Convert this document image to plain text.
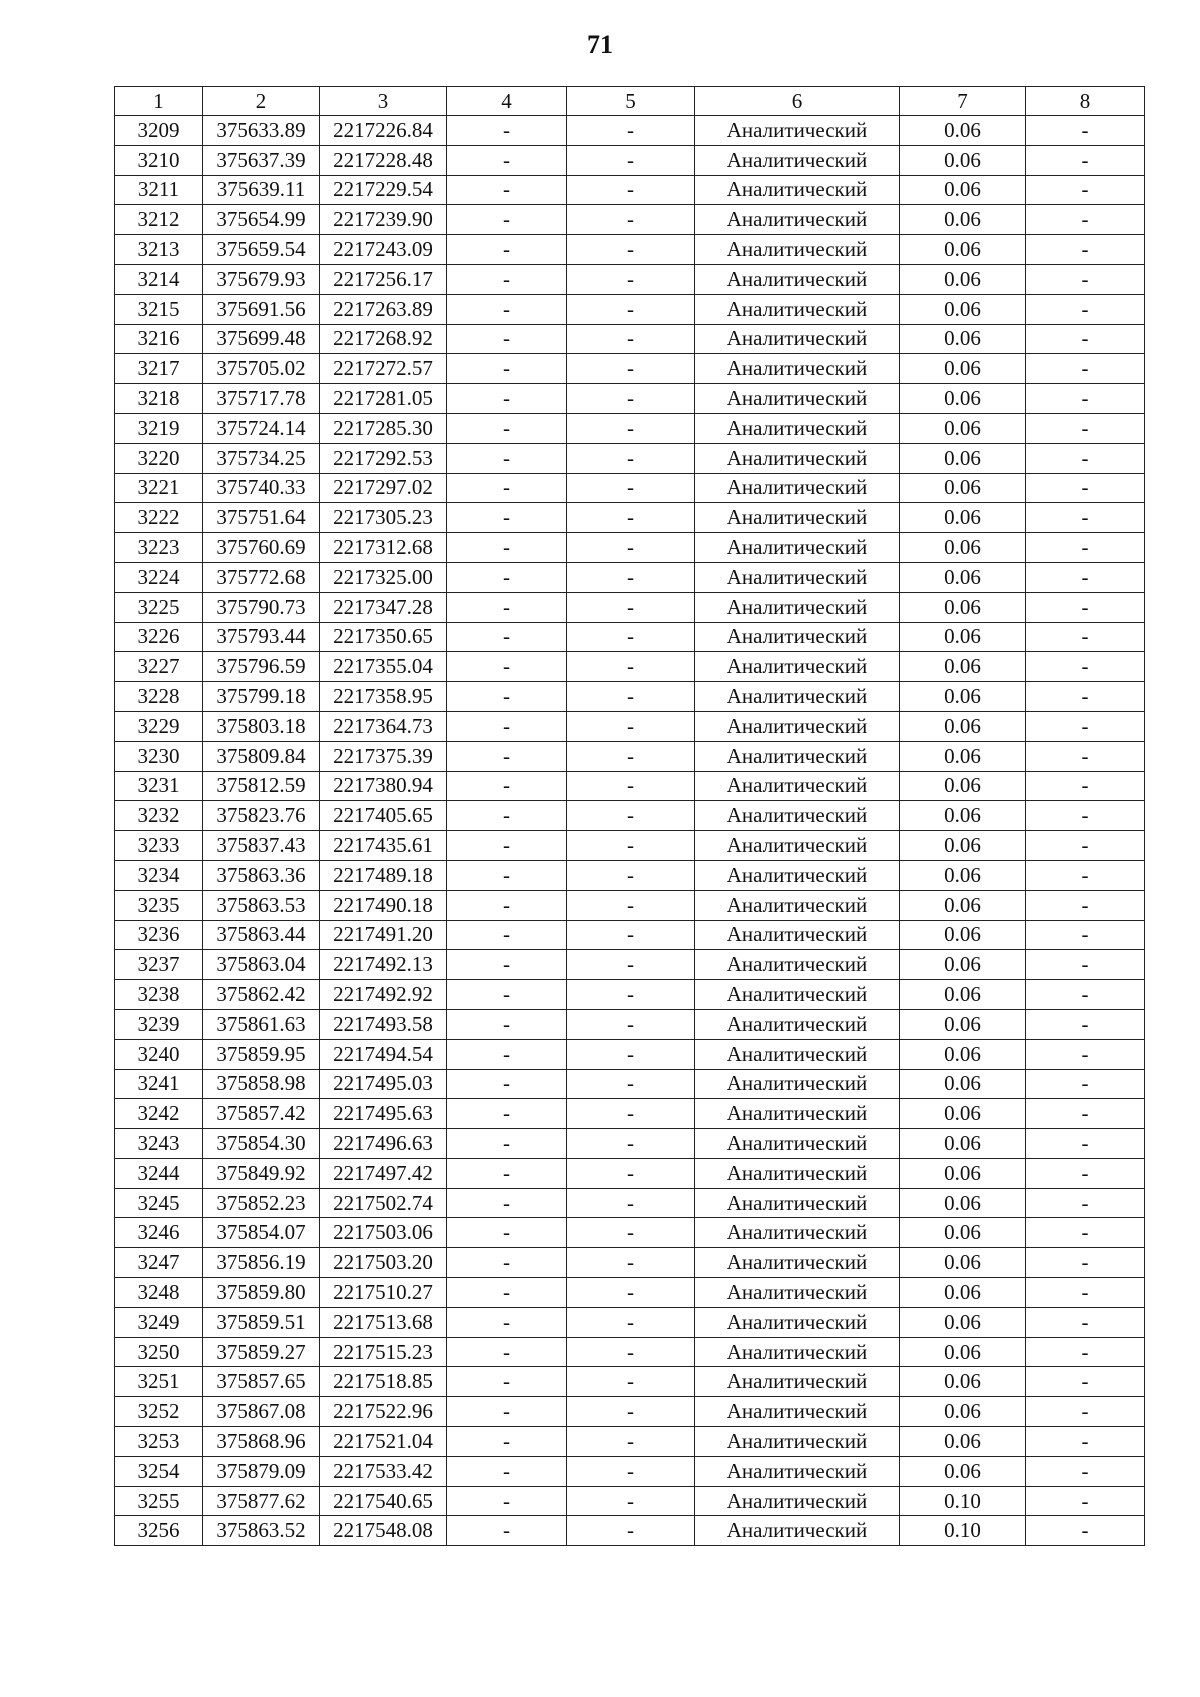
71
1	2	3	4	5	6	7	8
3209	375633.89	2217226.84	-	-	Аналитический	0.06	-
3210	375637.39	2217228.48	-	-	Аналитический	0.06	-
3211	375639.11	2217229.54	-	-	Аналитический	0.06	-
3212	375654.99	2217239.90	-	-	Аналитический	0.06	-
3213	375659.54	2217243.09	-	-	Аналитический	0.06	-
3214	375679.93	2217256.17	-	-	Аналитический	0.06	-
3215	375691.56	2217263.89	-	-	Аналитический	0.06	-
3216	375699.48	2217268.92	-	-	Аналитический	0.06	-
3217	375705.02	2217272.57	-	-	Аналитический	0.06	-
3218	375717.78	2217281.05	-	-	Аналитический	0.06	-
3219	375724.14	2217285.30	-	-	Аналитический	0.06	-
3220	375734.25	2217292.53	-	-	Аналитический	0.06	-
3221	375740.33	2217297.02	-	-	Аналитический	0.06	-
3222	375751.64	2217305.23	-	-	Аналитический	0.06	-
3223	375760.69	2217312.68	-	-	Аналитический	0.06	-
3224	375772.68	2217325.00	-	-	Аналитический	0.06	-
3225	375790.73	2217347.28	-	-	Аналитический	0.06	-
3226	375793.44	2217350.65	-	-	Аналитический	0.06	-
3227	375796.59	2217355.04	-	-	Аналитический	0.06	-
3228	375799.18	2217358.95	-	-	Аналитический	0.06	-
3229	375803.18	2217364.73	-	-	Аналитический	0.06	-
3230	375809.84	2217375.39	-	-	Аналитический	0.06	-
3231	375812.59	2217380.94	-	-	Аналитический	0.06	-
3232	375823.76	2217405.65	-	-	Аналитический	0.06	-
3233	375837.43	2217435.61	-	-	Аналитический	0.06	-
3234	375863.36	2217489.18	-	-	Аналитический	0.06	-
3235	375863.53	2217490.18	-	-	Аналитический	0.06	-
3236	375863.44	2217491.20	-	-	Аналитический	0.06	-
3237	375863.04	2217492.13	-	-	Аналитический	0.06	-
3238	375862.42	2217492.92	-	-	Аналитический	0.06	-
3239	375861.63	2217493.58	-	-	Аналитический	0.06	-
3240	375859.95	2217494.54	-	-	Аналитический	0.06	-
3241	375858.98	2217495.03	-	-	Аналитический	0.06	-
3242	375857.42	2217495.63	-	-	Аналитический	0.06	-
3243	375854.30	2217496.63	-	-	Аналитический	0.06	-
3244	375849.92	2217497.42	-	-	Аналитический	0.06	-
3245	375852.23	2217502.74	-	-	Аналитический	0.06	-
3246	375854.07	2217503.06	-	-	Аналитический	0.06	-
3247	375856.19	2217503.20	-	-	Аналитический	0.06	-
3248	375859.80	2217510.27	-	-	Аналитический	0.06	-
3249	375859.51	2217513.68	-	-	Аналитический	0.06	-
3250	375859.27	2217515.23	-	-	Аналитический	0.06	-
3251	375857.65	2217518.85	-	-	Аналитический	0.06	-
3252	375867.08	2217522.96	-	-	Аналитический	0.06	-
3253	375868.96	2217521.04	-	-	Аналитический	0.06	-
3254	375879.09	2217533.42	-	-	Аналитический	0.06	-
3255	375877.62	2217540.65	-	-	Аналитический	0.10	-
3256	375863.52	2217548.08	-	-	Аналитический	0.10	-
